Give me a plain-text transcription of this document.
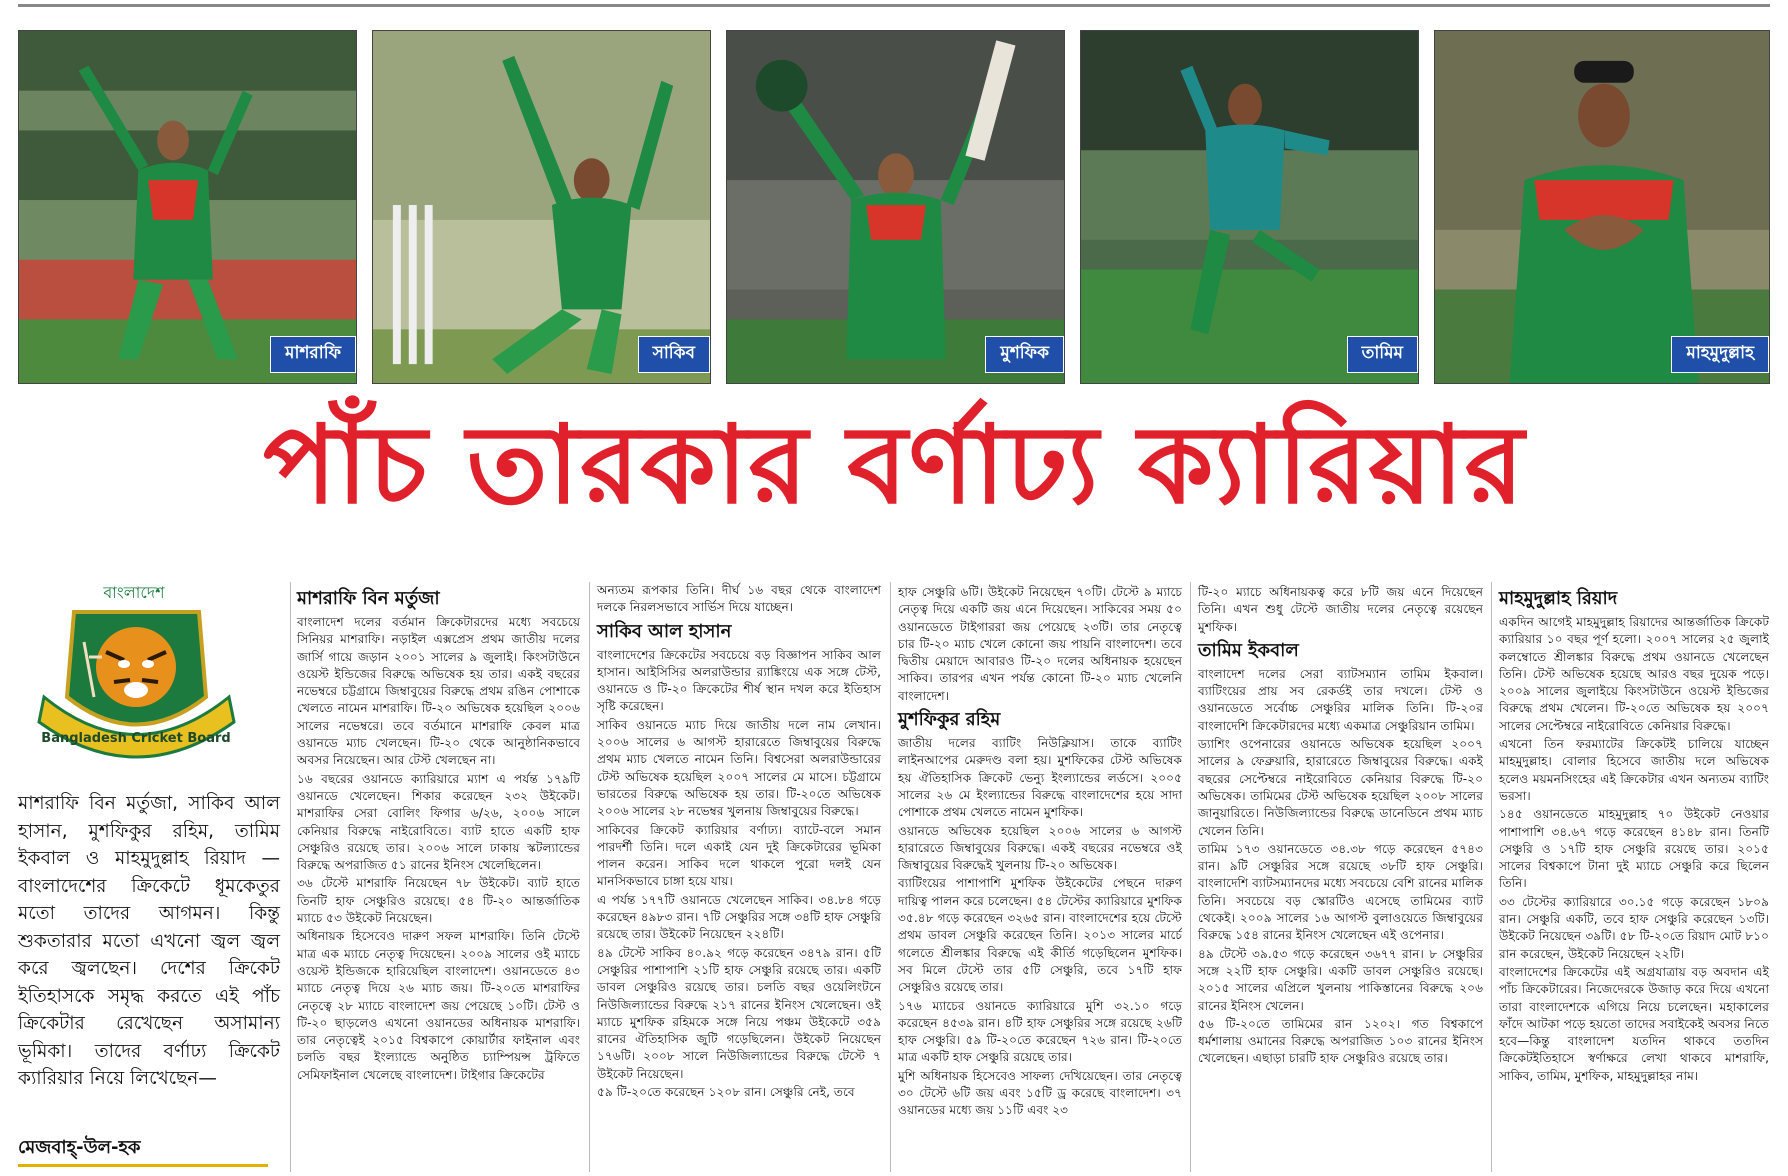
মাশরাফি	সাকিব	মুশফিক	তামিম	মাহমুদুল্লাহ
পাঁচ তারকার বর্ণাঢ্য ক্যারিয়ার
বাংলাদেশ
Bangladesh Cricket Board
মাশরাফি বিন মর্তুজা, সাকিব আল হাসান, মুশফিকুর রহিম, তামিম ইকবাল ও মাহমুদুল্লাহ রিয়াদ —বাংলাদেশের ক্রিকেটে ধূমকেতুর মতো তাদের আগমন। কিন্তু শুকতারার মতো এখনো জ্বল জ্বল করে জ্বলছেন। দেশের ক্রিকেট ইতিহাসকে সমৃদ্ধ করতে এই পাঁচ ক্রিকেটার রেখেছেন অসামান্য ভূমিকা। তাদের বর্ণাঢ্য ক্রিকেট ক্যারিয়ার নিয়ে লিখেছেন—
মেজবাহ্-উল-হক
মাশরাফি বিন মর্তুজা

বাংলাদেশ দলের বর্তমান ক্রিকেটারদের মধ্যে সবচেয়ে সিনিয়র মাশরাফি। নড়াইল এক্সপ্রেস প্রথম জাতীয় দলের জার্সি গায়ে জড়ান ২০০১ সালের ৯ জুলাই। কিংসটাউনে ওয়েস্ট ইন্ডিজের বিরুদ্ধে অভিষেক হয় তার। একই বছরের নভেম্বরে চট্টগ্রামে জিম্বাবুয়ের বিরুদ্ধে প্রথম রঙিন পোশাকে খেলতে নামেন মাশরাফি। টি-২০ অভিষেক হয়েছিল ২০০৬ সালের নভেম্বরে। তবে বর্তমানে মাশরাফি কেবল মাত্র ওয়ানডে ম্যাচ খেলছেন। টি-২০ থেকে আনুষ্ঠানিকভাবে অবসর নিয়েছেন। আর টেস্ট খেলছেন না।

১৬ বছরের ওয়ানডে ক্যারিয়ারে ম্যাশ এ পর্যন্ত ১৭৯টি ওয়ানডে খেলেছেন। শিকার করেছেন ২৩২ উইকেট। মাশরাফির সেরা বোলিং ফিগার ৬/২৬, ২০০৬ সালে কেনিয়ার বিরুদ্ধে নাইরোবিতে। ব্যাট হাতে একটি হাফ সেঞ্চুরিও রয়েছে তার। ২০০৬ সালে ঢাকায় স্কটল্যান্ডের বিরুদ্ধে অপরাজিত ৫১ রানের ইনিংস খেলেছিলেন।

৩৬ টেস্টে মাশরাফি নিয়েছেন ৭৮ উইকেট। ব্যাট হাতে তিনটি হাফ সেঞ্চুরিও রয়েছে। ৫৪ টি-২০ আন্তর্জাতিক ম্যাচে ৫৩ উইকেট নিয়েছেন।

অধিনায়ক হিসেবেও দারুণ সফল মাশরাফি। তিনি টেস্টে মাত্র এক ম্যাচে নেতৃত্ব দিয়েছেন। ২০০৯ সালের ওই ম্যাচে ওয়েস্ট ইন্ডিজকে হারিয়েছিল বাংলাদেশ। ওয়ানডেতে ৪৩ ম্যাচে নেতৃত্ব দিয়ে ২৬ ম্যাচ জয়। টি-২০তে মাশরাফির নেতৃত্বে ২৮ ম্যাচে বাংলাদেশ জয় পেয়েছে ১০টি। টেস্ট ও টি-২০ ছাড়লেও এখনো ওয়ানডের অধিনায়ক মাশরাফি। তার নেতৃত্বেই ২০১৫ বিশ্বকাপে কোয়ার্টার ফাইনাল এবং চলতি বছর ইংল্যান্ডে অনুষ্ঠিত চ্যাম্পিয়ন্স ট্রফিতে সেমিফাইনাল খেলেছে বাংলাদেশ। টাইগার ক্রিকেটের

অন্যতম রূপকার তিনি। দীর্ঘ ১৬ বছর থেকে বাংলাদেশ দলকে নিরলসভাবে সার্ভিস দিয়ে যাচ্ছেন।

সাকিব আল হাসান

বাংলাদেশের ক্রিকেটের সবচেয়ে বড় বিজ্ঞাপন সাকিব আল হাসান। আইসিসির অলরাউন্ডার র‌্যাঙ্কিংয়ে এক সঙ্গে টেস্ট, ওয়ানডে ও টি-২০ ক্রিকেটের শীর্ষ স্থান দখল করে ইতিহাস সৃষ্টি করেছেন।

সাকিব ওয়ানডে ম্যাচ দিয়ে জাতীয় দলে নাম লেখান। ২০০৬ সালের ৬ আগস্ট হারারেতে জিম্বাবুয়ের বিরুদ্ধে প্রথম ম্যাচ খেলতে নামেন তিনি। বিশ্বসেরা অলরাউন্ডারের টেস্ট অভিষেক হয়েছিল ২০০৭ সালের মে মাসে। চট্টগ্রামে ভারতের বিরুদ্ধে অভিষেক হয় তার। টি-২০তে অভিষেক ২০০৬ সালের ২৮ নভেম্বর খুলনায় জিম্বাবুয়ের বিরুদ্ধে।

সাকিবের ক্রিকেট ক্যারিয়ার বর্ণাঢ্য। ব্যাটে-বলে সমান পারদর্শী তিনি। দলে একাই যেন দুই ক্রিকেটারের ভূমিকা পালন করেন। সাকিব দলে থাকলে পুরো দলই যেন মানসিকভাবে চাঙ্গা হয়ে যায়।

এ পর্যন্ত ১৭৭টি ওয়ানডে খেলেছেন সাকিব। ৩৪.৮৪ গড়ে করেছেন ৪৯৮৩ রান। ৭টি সেঞ্চুরির সঙ্গে ৩৪টি হাফ সেঞ্চুরি রয়েছে তার। উইকেট নিয়েছেন ২২৪টি।

৪৯ টেস্টে সাকিব ৪০.৯২ গড়ে করেছেন ৩৪৭৯ রান। ৫টি সেঞ্চুরির পাশাপাশি ২১টি হাফ সেঞ্চুরি রয়েছে তার। একটি ডাবল সেঞ্চুরিও রয়েছে তার। চলতি বছর ওয়েলিংটনে নিউজিল্যান্ডের বিরুদ্ধে ২১৭ রানের ইনিংস খেলেছেন। ওই ম্যাচে মুশফিক রহিমকে সঙ্গে নিয়ে পঞ্চম উইকেটে ৩৫৯ রানের ঐতিহাসিক জুটি গড়েছিলেন। উইকেট নিয়েছেন ১৭৬টি। ২০০৮ সালে নিউজিল্যান্ডের বিরুদ্ধে টেস্টে ৭ উইকেট নিয়েছেন।

৫৯ টি-২০তে করেছেন ১২০৮ রান। সেঞ্চুরি নেই, তবে

হাফ সেঞ্চুরি ৬টি। উইকেট নিয়েছেন ৭০টি। টেস্টে ৯ ম্যাচে নেতৃত্ব দিয়ে একটি জয় এনে দিয়েছেন। সাকিবের সময় ৫০ ওয়ানডেতে টাইগাররা জয় পেয়েছে ২৩টি। তার নেতৃত্বে চার টি-২০ ম্যাচ খেলে কোনো জয় পায়নি বাংলাদেশ। তবে দ্বিতীয় মেয়াদে আবারও টি-২০ দলের অধিনায়ক হয়েছেন সাকিব। তারপর এখন পর্যন্ত কোনো টি-২০ ম্যাচ খেলেনি বাংলাদেশ।

মুশফিকুর রহিম

জাতীয় দলের ব্যাটিং নিউক্লিয়াস। তাকে ব্যাটিং লাইনআপের মেরুদণ্ড বলা হয়। মুশফিকের টেস্ট অভিষেক হয় ঐতিহাসিক ক্রিকেট ভেন্যু ইংল্যান্ডের লর্ডসে। ২০০৫ সালের ২৬ মে ইংল্যান্ডের বিরুদ্ধে বাংলাদেশের হয়ে সাদা পোশাকে প্রথম খেলতে নামেন মুশফিক।

ওয়ানডে অভিষেক হয়েছিল ২০০৬ সালের ৬ আগস্ট হারারেতে জিম্বাবুয়ের বিরুদ্ধে। একই বছরের নভেম্বরে ওই জিম্বাবুয়ের বিরুদ্ধেই খুলনায় টি-২০ অভিষেক।

ব্যাটিংয়ের পাশাপাশি মুশফিক উইকেটের পেছনে দারুণ দায়িত্ব পালন করে চলেছেন। ৫৪ টেস্টের ক্যারিয়ারে মুশফিক ৩৫.৪৮ গড়ে করেছেন ৩২৬৫ রান। বাংলাদেশের হয়ে টেস্টে প্রথম ডাবল সেঞ্চুরি করেছেন তিনি। ২০১৩ সালের মার্চে গলেতে শ্রীলঙ্কার বিরুদ্ধে এই কীর্তি গড়েছিলেন মুশফিক। সব মিলে টেস্টে তার ৫টি সেঞ্চুরি, তবে ১৭টি হাফ সেঞ্চুরিও রয়েছে তার।

১৭৬ ম্যাচের ওয়ানডে ক্যারিয়ারে মুশি ৩২.১০ গড়ে করেছেন ৪৫৩৯ রান। ৪টি হাফ সেঞ্চুরির সঙ্গে রয়েছে ২৬টি হাফ সেঞ্চুরি। ৫৯ টি-২০তে করেছেন ৭২৬ রান। টি-২০তে মাত্র একটি হাফ সেঞ্চুরি রয়েছে তার।

মুশি অধিনায়ক হিসেবেও সাফল্য দেখিয়েছেন। তার নেতৃত্বে ৩০ টেস্টে ৬টি জয় এবং ১৫টি ড্র করেছে বাংলাদেশ। ৩৭ ওয়ানডের মধ্যে জয় ১১টি এবং ২৩

টি-২০ ম্যাচে অধিনায়কত্ব করে ৮টি জয় এনে দিয়েছেন তিনি। এখন শুধু টেস্টে জাতীয় দলের নেতৃত্বে রয়েছেন মুশফিক।

তামিম ইকবাল

বাংলাদেশ দলের সেরা ব্যাটসম্যান তামিম ইকবাল। ব্যাটিংয়ের প্রায় সব রেকর্ডই তার দখলে। টেস্ট ও ওয়ানডেতে সর্বোচ্চ সেঞ্চুরির মালিক তিনি। টি-২০র বাংলাদেশি ক্রিকেটারদের মধ্যে একমাত্র সেঞ্চুরিয়ান তামিম।

ড্যাশিং ওপেনারের ওয়ানডে অভিষেক হয়েছিল ২০০৭ সালের ৯ ফেব্রুয়ারি, হারারেতে জিম্বাবুয়ের বিরুদ্ধে। একই বছরের সেপ্টেম্বরে নাইরোবিতে কেনিয়ার বিরুদ্ধে টি-২০ অভিষেক। তামিমের টেস্ট অভিষেক হয়েছিল ২০০৮ সালের জানুয়ারিতে। নিউজিল্যান্ডের বিরুদ্ধে ডানেডিনে প্রথম ম্যাচ খেলেন তিনি।

তামিম ১৭৩ ওয়ানডেতে ৩৪.৩৮ গড়ে করেছেন ৫৭৪৩ রান। ৯টি সেঞ্চুরির সঙ্গে রয়েছে ৩৮টি হাফ সেঞ্চুরি। বাংলাদেশি ব্যাটসম্যানদের মধ্যে সবচেয়ে বেশি রানের মালিক তিনি। সবচেয়ে বড় স্কোরটিও এসেছে তামিমের ব্যাট থেকেই। ২০০৯ সালের ১৬ আগস্ট বুলাওয়েতে জিম্বাবুয়ের বিরুদ্ধে ১৫৪ রানের ইনিংস খেলেছেন এই ওপেনার।

৪৯ টেস্টে ৩৯.৫৩ গড়ে করেছেন ৩৬৭৭ রান। ৮ সেঞ্চুরির সঙ্গে ২২টি হাফ সেঞ্চুরি। একটি ডাবল সেঞ্চুরিও রয়েছে। ২০১৫ সালের এপ্রিলে খুলনায় পাকিস্তানের বিরুদ্ধে ২০৬ রানের ইনিংস খেলেন।

৫৬ টি-২০তে তামিমের রান ১২০২। গত বিশ্বকাপে ধর্মশালায় ওমানের বিরুদ্ধে অপরাজিত ১০৩ রানের ইনিংস খেলেছেন। এছাড়া চারটি হাফ সেঞ্চুরিও রয়েছে তার।

মাহমুদুল্লাহ রিয়াদ

একদিন আগেই মাহমুদুল্লাহ রিয়াদের আন্তর্জাতিক ক্রিকেট ক্যারিয়ার ১০ বছর পূর্ণ হলো। ২০০৭ সালের ২৫ জুলাই কলম্বোতে শ্রীলঙ্কার বিরুদ্ধে প্রথম ওয়ানডে খেলেছেন তিনি। টেস্ট অভিষেক হয়েছে আরও বছর দুয়েক পড়ে। ২০০৯ সালের জুলাইয়ে কিংসটাউনে ওয়েস্ট ইন্ডিজের বিরুদ্ধে প্রথম খেলেন। টি-২০তে অভিষেক হয় ২০০৭ সালের সেপ্টেম্বরে নাইরোবিতে কেনিয়ার বিরুদ্ধে।

এখনো তিন ফরম্যাটের ক্রিকেটই চালিয়ে যাচ্ছেন মাহমুদুল্লাহ। বোলার হিসেবে জাতীয় দলে অভিষেক হলেও ময়মনসিংহের এই ক্রিকেটার এখন অন্যতম ব্যাটিং ভরসা।

১৪৫ ওয়ানডেতে মাহমুদুল্লাহ ৭০ উইকেট নেওয়ার পাশাপাশি ৩৪.৬৭ গড়ে করেছেন ৪১৪৮ রান। তিনটি সেঞ্চুরি ও ১৭টি হাফ সেঞ্চুরি রয়েছে তার। ২০১৫ সালের বিশ্বকাপে টানা দুই ম্যাচে সেঞ্চুরি করে ছিলেন তিনি।

৩৩ টেস্টের ক্যারিয়ারে ৩০.১৫ গড়ে করেছেন ১৮০৯ রান। সেঞ্চুরি একটি, তবে হাফ সেঞ্চুরি করেছেন ১৩টি। উইকেট নিয়েছেন ৩৯টি। ৫৮ টি-২০তে রিয়াদ মোট ৮১০ রান করেছেন, উইকেট নিয়েছেন ২২টি।

বাংলাদেশের ক্রিকেটের এই অগ্রযাত্রায় বড় অবদান এই পাঁচ ক্রিকেটারের। নিজেদেরকে উজাড় করে দিয়ে এখনো তারা বাংলাদেশকে এগিয়ে নিয়ে চলেছেন। মহাকালের ফাঁদে আটকা পড়ে হয়তো তাদের সবাইকেই অবসর নিতে হবে—কিন্তু বাংলাদেশ যতদিন থাকবে ততদিন ক্রিকেটইতিহাসে স্বর্ণাক্ষরে লেখা থাকবে মাশরাফি, সাকিব, তামিম, মুশফিক, মাহমুদুল্লাহর নাম।
